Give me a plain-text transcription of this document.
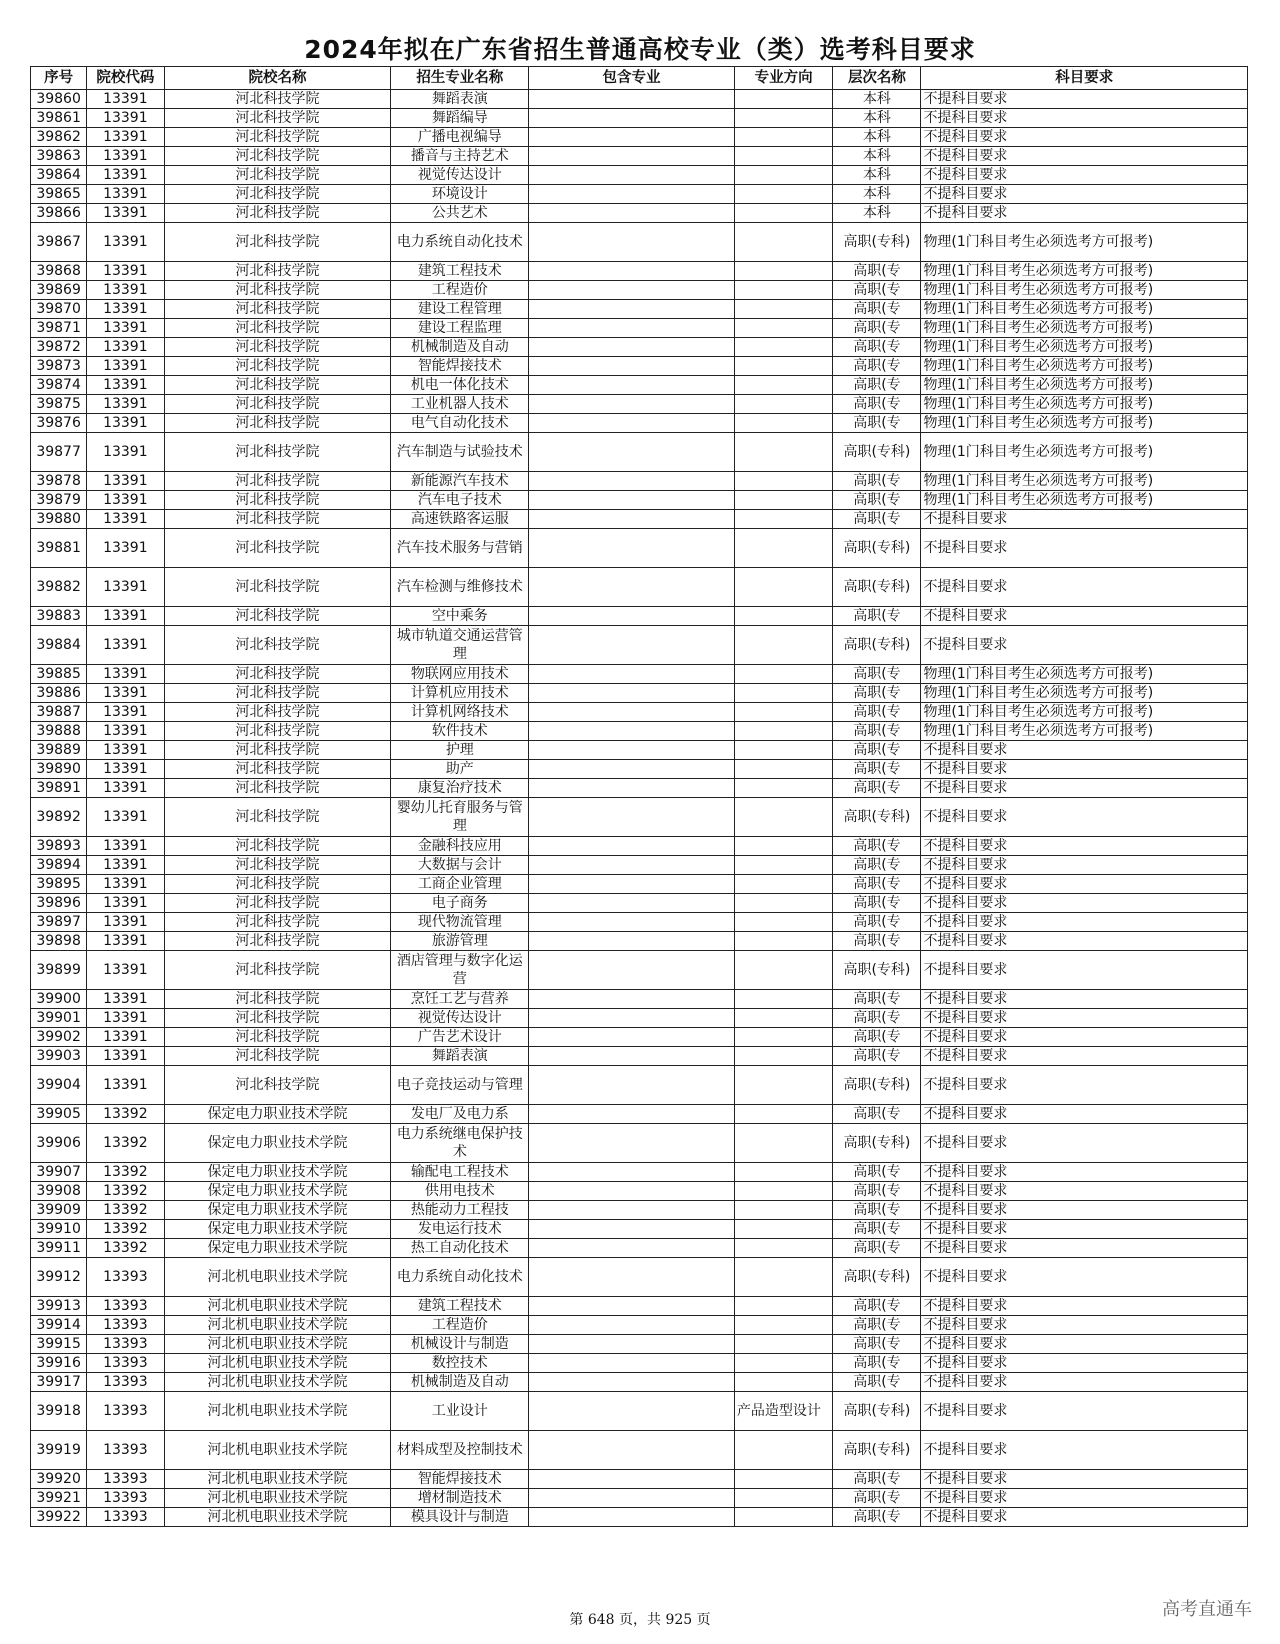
2024年拟在广东省招生普通高校专业（类）选考科目要求
序号	院校代码	院校名称	招生专业名称	包含专业	专业方向	层次名称	科目要求
39860	13391	河北科技学院	舞蹈表演			本科	不提科目要求
39861	13391	河北科技学院	舞蹈编导			本科	不提科目要求
39862	13391	河北科技学院	广播电视编导			本科	不提科目要求
39863	13391	河北科技学院	播音与主持艺术			本科	不提科目要求
39864	13391	河北科技学院	视觉传达设计			本科	不提科目要求
39865	13391	河北科技学院	环境设计			本科	不提科目要求
39866	13391	河北科技学院	公共艺术			本科	不提科目要求
39867	13391	河北科技学院	电力系统自动化技术			高职(专科)	物理(1门科目考生必须选考方可报考)
39868	13391	河北科技学院	建筑工程技术			高职(专	物理(1门科目考生必须选考方可报考)
39869	13391	河北科技学院	工程造价			高职(专	物理(1门科目考生必须选考方可报考)
39870	13391	河北科技学院	建设工程管理			高职(专	物理(1门科目考生必须选考方可报考)
39871	13391	河北科技学院	建设工程监理			高职(专	物理(1门科目考生必须选考方可报考)
39872	13391	河北科技学院	机械制造及自动			高职(专	物理(1门科目考生必须选考方可报考)
39873	13391	河北科技学院	智能焊接技术			高职(专	物理(1门科目考生必须选考方可报考)
39874	13391	河北科技学院	机电一体化技术			高职(专	物理(1门科目考生必须选考方可报考)
39875	13391	河北科技学院	工业机器人技术			高职(专	物理(1门科目考生必须选考方可报考)
39876	13391	河北科技学院	电气自动化技术			高职(专	物理(1门科目考生必须选考方可报考)
39877	13391	河北科技学院	汽车制造与试验技术			高职(专科)	物理(1门科目考生必须选考方可报考)
39878	13391	河北科技学院	新能源汽车技术			高职(专	物理(1门科目考生必须选考方可报考)
39879	13391	河北科技学院	汽车电子技术			高职(专	物理(1门科目考生必须选考方可报考)
39880	13391	河北科技学院	高速铁路客运服			高职(专	不提科目要求
39881	13391	河北科技学院	汽车技术服务与营销			高职(专科)	不提科目要求
39882	13391	河北科技学院	汽车检测与维修技术			高职(专科)	不提科目要求
39883	13391	河北科技学院	空中乘务			高职(专	不提科目要求
39884	13391	河北科技学院	城市轨道交通运营管理			高职(专科)	不提科目要求
39885	13391	河北科技学院	物联网应用技术			高职(专	物理(1门科目考生必须选考方可报考)
39886	13391	河北科技学院	计算机应用技术			高职(专	物理(1门科目考生必须选考方可报考)
39887	13391	河北科技学院	计算机网络技术			高职(专	物理(1门科目考生必须选考方可报考)
39888	13391	河北科技学院	软件技术			高职(专	物理(1门科目考生必须选考方可报考)
39889	13391	河北科技学院	护理			高职(专	不提科目要求
39890	13391	河北科技学院	助产			高职(专	不提科目要求
39891	13391	河北科技学院	康复治疗技术			高职(专	不提科目要求
39892	13391	河北科技学院	婴幼儿托育服务与管理			高职(专科)	不提科目要求
39893	13391	河北科技学院	金融科技应用			高职(专	不提科目要求
39894	13391	河北科技学院	大数据与会计			高职(专	不提科目要求
39895	13391	河北科技学院	工商企业管理			高职(专	不提科目要求
39896	13391	河北科技学院	电子商务			高职(专	不提科目要求
39897	13391	河北科技学院	现代物流管理			高职(专	不提科目要求
39898	13391	河北科技学院	旅游管理			高职(专	不提科目要求
39899	13391	河北科技学院	酒店管理与数字化运营			高职(专科)	不提科目要求
39900	13391	河北科技学院	烹饪工艺与营养			高职(专	不提科目要求
39901	13391	河北科技学院	视觉传达设计			高职(专	不提科目要求
39902	13391	河北科技学院	广告艺术设计			高职(专	不提科目要求
39903	13391	河北科技学院	舞蹈表演			高职(专	不提科目要求
39904	13391	河北科技学院	电子竞技运动与管理			高职(专科)	不提科目要求
39905	13392	保定电力职业技术学院	发电厂及电力系			高职(专	不提科目要求
39906	13392	保定电力职业技术学院	电力系统继电保护技术			高职(专科)	不提科目要求
39907	13392	保定电力职业技术学院	输配电工程技术			高职(专	不提科目要求
39908	13392	保定电力职业技术学院	供用电技术			高职(专	不提科目要求
39909	13392	保定电力职业技术学院	热能动力工程技			高职(专	不提科目要求
39910	13392	保定电力职业技术学院	发电运行技术			高职(专	不提科目要求
39911	13392	保定电力职业技术学院	热工自动化技术			高职(专	不提科目要求
39912	13393	河北机电职业技术学院	电力系统自动化技术			高职(专科)	不提科目要求
39913	13393	河北机电职业技术学院	建筑工程技术			高职(专	不提科目要求
39914	13393	河北机电职业技术学院	工程造价			高职(专	不提科目要求
39915	13393	河北机电职业技术学院	机械设计与制造			高职(专	不提科目要求
39916	13393	河北机电职业技术学院	数控技术			高职(专	不提科目要求
39917	13393	河北机电职业技术学院	机械制造及自动			高职(专	不提科目要求
39918	13393	河北机电职业技术学院	工业设计		产品造型设计	高职(专科)	不提科目要求
39919	13393	河北机电职业技术学院	材料成型及控制技术			高职(专科)	不提科目要求
39920	13393	河北机电职业技术学院	智能焊接技术			高职(专	不提科目要求
39921	13393	河北机电职业技术学院	增材制造技术			高职(专	不提科目要求
39922	13393	河北机电职业技术学院	模具设计与制造			高职(专	不提科目要求
第 648 页，共 925 页	高考直通车
